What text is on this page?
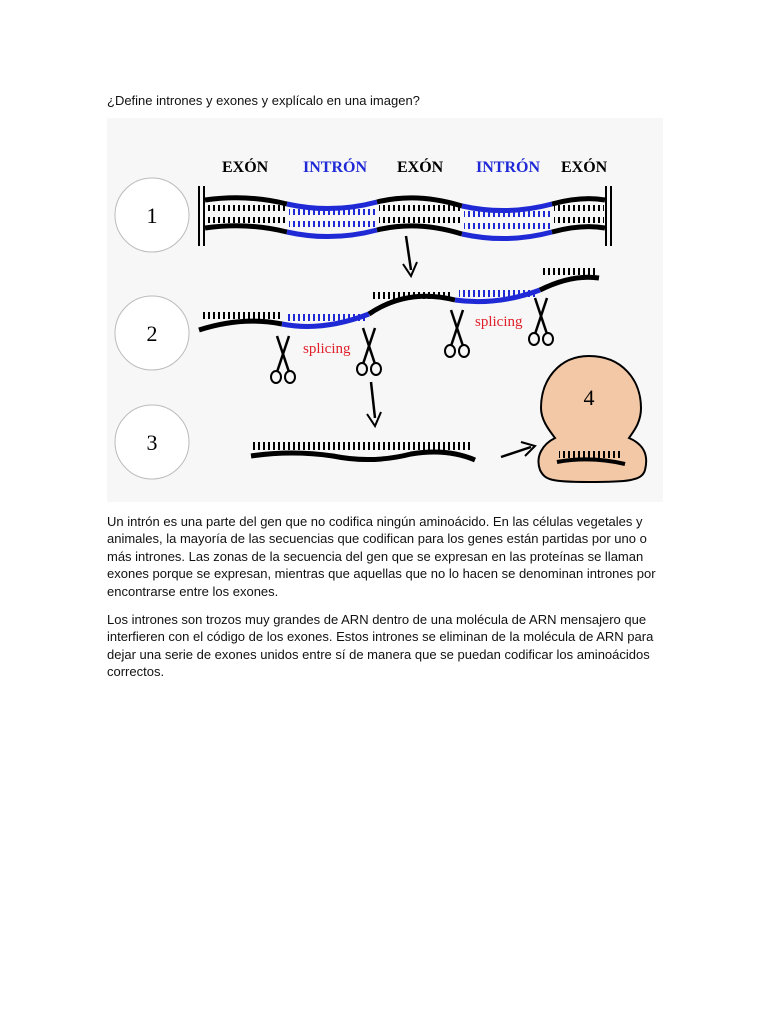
¿Define intrones y exones y explícalo en una imagen?
EXÓN INTRÓN EXÓN INTRÓN EXÓN
1
2
3
splicing
splicing
4

Un intrón es una parte del gen que no codifica ningún aminoácido. En las células vegetales y animales, la mayoría de las secuencias que codifican para los genes están partidas por uno o más intrones. Las zonas de la secuencia del gen que se expresan en las proteínas se llaman exones porque se expresan, mientras que aquellas que no lo hacen se denominan intrones por encontrarse entre los exones.

Los intrones son trozos muy grandes de ARN dentro de una molécula de ARN mensajero que interfieren con el código de los exones. Estos intrones se eliminan de la molécula de ARN para dejar una serie de exones unidos entre sí de manera que se puedan codificar los aminoácidos correctos.
